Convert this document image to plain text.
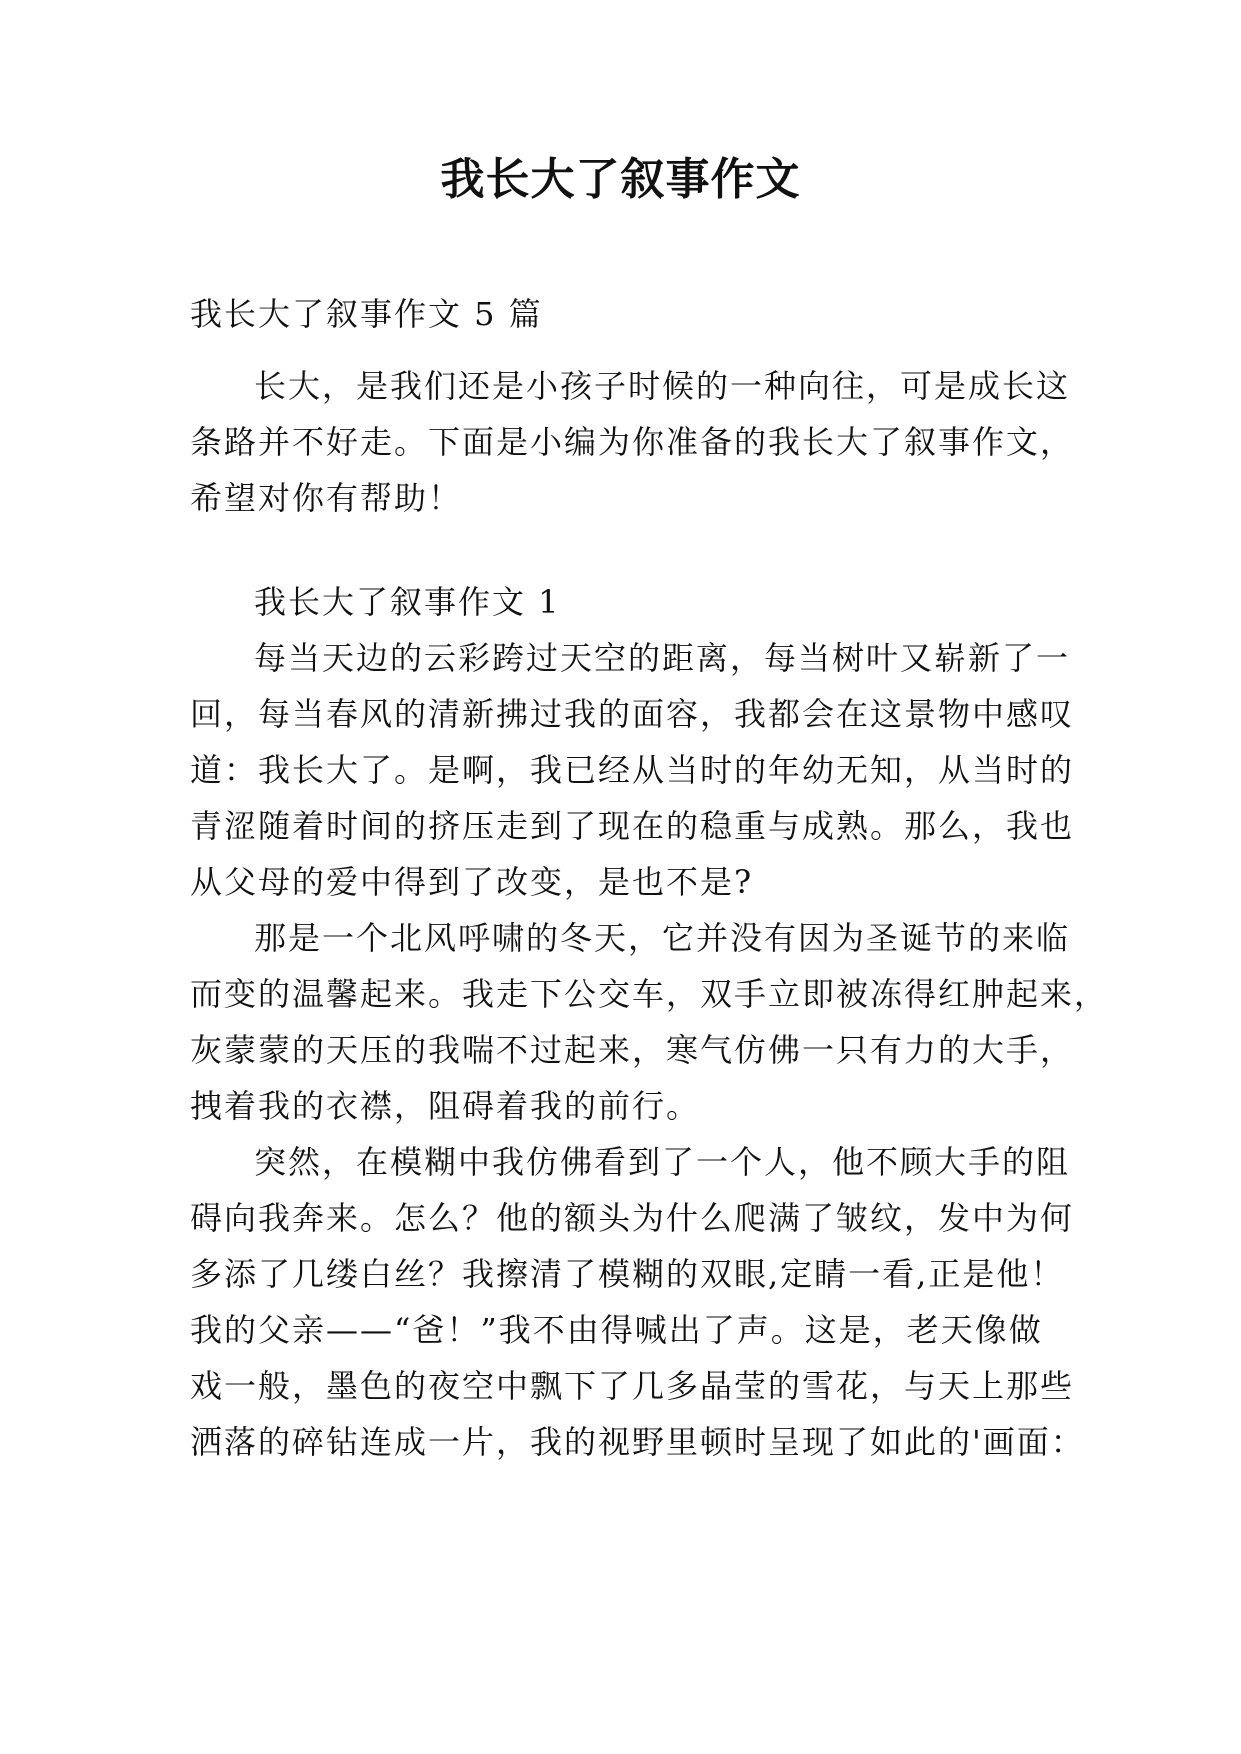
我长大了叙事作文
我长大了叙事作文 5 篇
长大，是我们还是小孩子时候的一种向往，可是成长这
条路并不好走。下面是小编为你准备的我长大了叙事作文，
希望对你有帮助！
我长大了叙事作文 1
每当天边的云彩跨过天空的距离，每当树叶又崭新了一
回，每当春风的清新拂过我的面容，我都会在这景物中感叹
道：我长大了。是啊，我已经从当时的年幼无知，从当时的
青涩随着时间的挤压走到了现在的稳重与成熟。那么，我也
从父母的爱中得到了改变，是也不是?
那是一个北风呼啸的冬天，它并没有因为圣诞节的来临
而变的温馨起来。我走下公交车，双手立即被冻得红肿起来，
灰蒙蒙的天压的我喘不过起来，寒气仿佛一只有力的大手，
拽着我的衣襟，阻碍着我的前行。
突然，在模糊中我仿佛看到了一个人，他不顾大手的阻
碍向我奔来。怎么？他的额头为什么爬满了皱纹，发中为何
多添了几缕白丝？我擦清了模糊的双眼,定睛一看,正是他！
我的父亲——“爸！”我不由得喊出了声。这是，老天像做
戏一般，墨色的夜空中飘下了几多晶莹的雪花，与天上那些
洒落的碎钻连成一片，我的视野里顿时呈现了如此的'画面：
